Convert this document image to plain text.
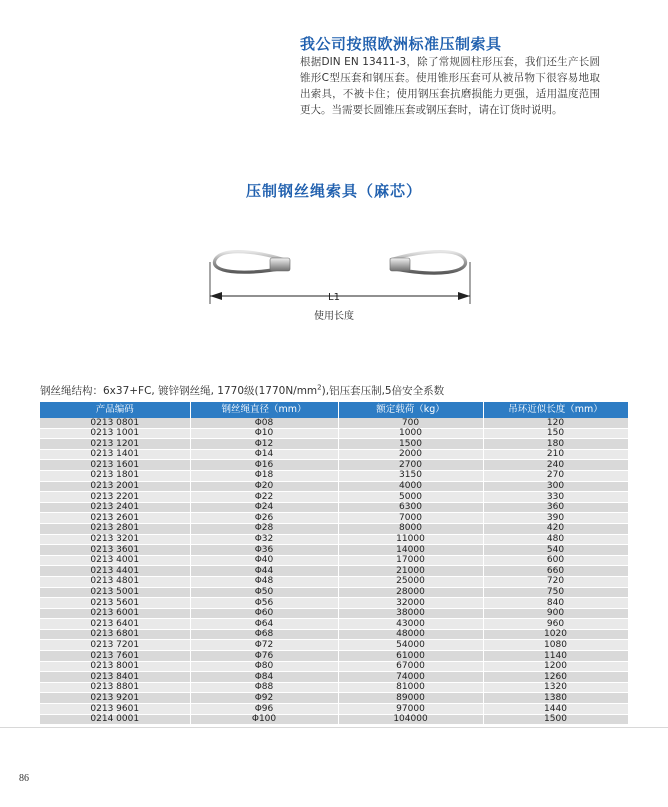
我公司按照欧洲标准压制索具
根据DIN EN 13411-3，除了常规圆柱形压套，我们还生产长圆锥形C型压套和钢压套。使用锥形压套可从被吊物下很容易地取出索具，不被卡住；使用钢压套抗磨损能力更强，适用温度范围更大。当需要长圆锥压套或钢压套时，请在订货时说明。
压制钢丝绳索具（麻芯）
L1
使用长度
钢丝绳结构：6x37+FC, 镀锌钢丝绳, 1770级$(1770N/mm^2)$,铝压套压制,5倍安全系数
产品编码	钢丝绳直径（mm）	额定载荷（kg）	吊环近似长度（mm）
0213 0801	Φ08	700	120
0213 1001	Φ10	1000	150
0213 1201	Φ12	1500	180
0213 1401	Φ14	2000	210
0213 1601	Φ16	2700	240
0213 1801	Φ18	3150	270
0213 2001	Φ20	4000	300
0213 2201	Φ22	5000	330
0213 2401	Φ24	6300	360
0213 2601	Φ26	7000	390
0213 2801	Φ28	8000	420
0213 3201	Φ32	11000	480
0213 3601	Φ36	14000	540
0213 4001	Φ40	17000	600
0213 4401	Φ44	21000	660
0213 4801	Φ48	25000	720
0213 5001	Φ50	28000	750
0213 5601	Φ56	32000	840
0213 6001	Φ60	38000	900
0213 6401	Φ64	43000	960
0213 6801	Φ68	48000	1020
0213 7201	Φ72	54000	1080
0213 7601	Φ76	61000	1140
0213 8001	Φ80	67000	1200
0213 8401	Φ84	74000	1260
0213 8801	Φ88	81000	1320
0213 9201	Φ92	89000	1380
0213 9601	Φ96	97000	1440
0214 0001	Φ100	104000	1500
86
